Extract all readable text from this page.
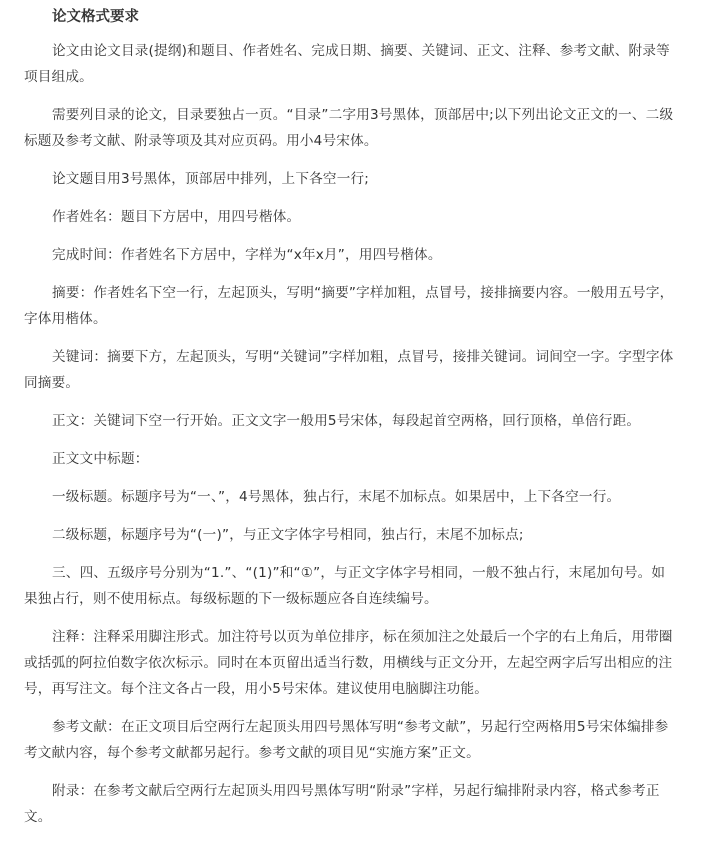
论文格式要求

论文由论文目录(提纲)和题目、作者姓名、完成日期、摘要、关键词、正文、注释、参考文献、附录等项目组成。

需要列目录的论文，目录要独占一页。“目录”二字用3号黑体，顶部居中;以下列出论文正文的一、二级标题及参考文献、附录等项及其对应页码。用小4号宋体。

论文题目用3号黑体，顶部居中排列，上下各空一行;

作者姓名：题目下方居中，用四号楷体。

完成时间：作者姓名下方居中，字样为“x年x月”，用四号楷体。

摘要：作者姓名下空一行，左起顶头，写明“摘要”字样加粗，点冒号，接排摘要内容。一般用五号字，字体用楷体。

关键词：摘要下方，左起顶头，写明“关键词”字样加粗，点冒号，接排关键词。词间空一字。字型字体同摘要。

正文：关键词下空一行开始。正文文字一般用5号宋体，每段起首空两格，回行顶格，单倍行距。

正文文中标题：

一级标题。标题序号为“一、”，4号黑体，独占行，末尾不加标点。如果居中，上下各空一行。

二级标题，标题序号为“(一)”，与正文字体字号相同，独占行，末尾不加标点;

三、四、五级序号分别为“1.”、“(1)”和“①”，与正文字体字号相同，一般不独占行，末尾加句号。如果独占行，则不使用标点。每级标题的下一级标题应各自连续编号。

注释：注释采用脚注形式。加注符号以页为单位排序，标在须加注之处最后一个字的右上角后，用带圈或括弧的阿拉伯数字依次标示。同时在本页留出适当行数，用横线与正文分开，左起空两字后写出相应的注号，再写注文。每个注文各占一段，用小5号宋体。建议使用电脑脚注功能。

参考文献：在正文项目后空两行左起顶头用四号黑体写明“参考文献”，另起行空两格用5号宋体编排参考文献内容，每个参考文献都另起行。参考文献的项目见“实施方案”正文。

附录：在参考文献后空两行左起顶头用四号黑体写明“附录”字样，另起行编排附录内容，格式参考正文。
